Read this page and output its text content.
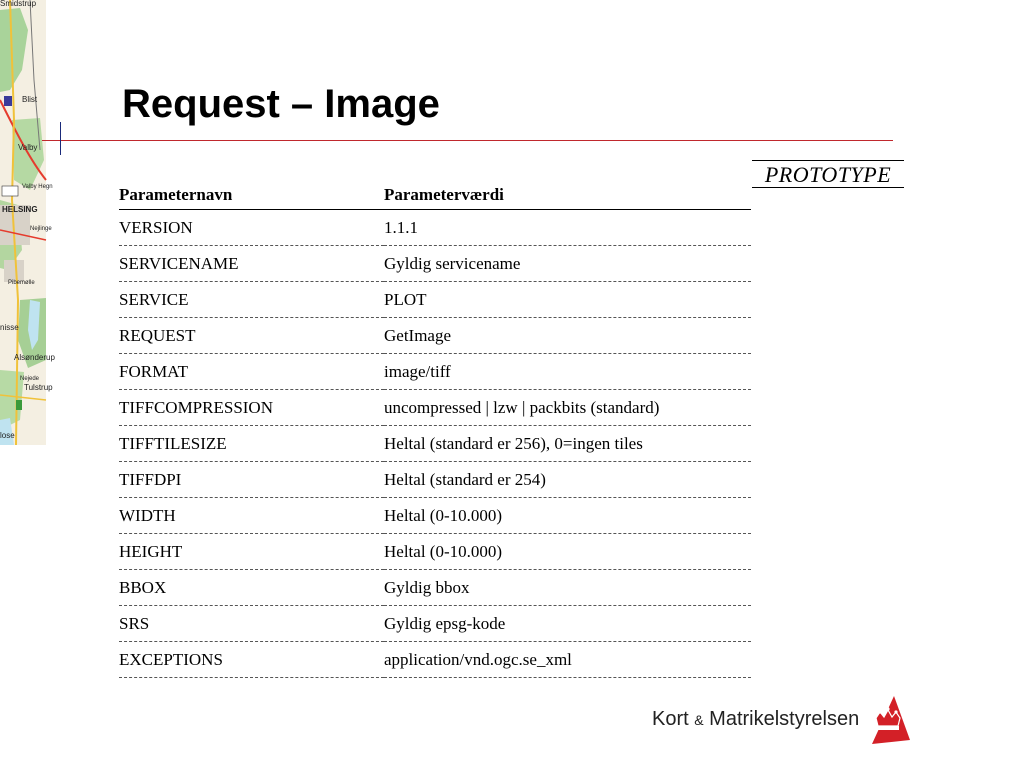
Smidstrup
Blist
Valby
Valby Hegn
HELSING
Nejlinge
Pibemølle
nisse
Alsønderup
Nejede
Tulstrup
lose
Request – Image
PROTOTYPE
Parameternavn	Parameterværdi
VERSION	1.1.1
SERVICENAME	Gyldig servicename
SERVICE	PLOT
REQUEST	GetImage
FORMAT	image/tiff
TIFFCOMPRESSION	uncompressed | lzw | packbits (standard)
TIFFTILESIZE	Heltal (standard er 256), 0=ingen tiles
TIFFDPI	Heltal (standard er 254)
WIDTH	Heltal (0-10.000)
HEIGHT	Heltal (0-10.000)
BBOX	Gyldig bbox
SRS	Gyldig epsg-kode
EXCEPTIONS	application/vnd.ogc.se_xml
Kort & Matrikelstyrelsen
